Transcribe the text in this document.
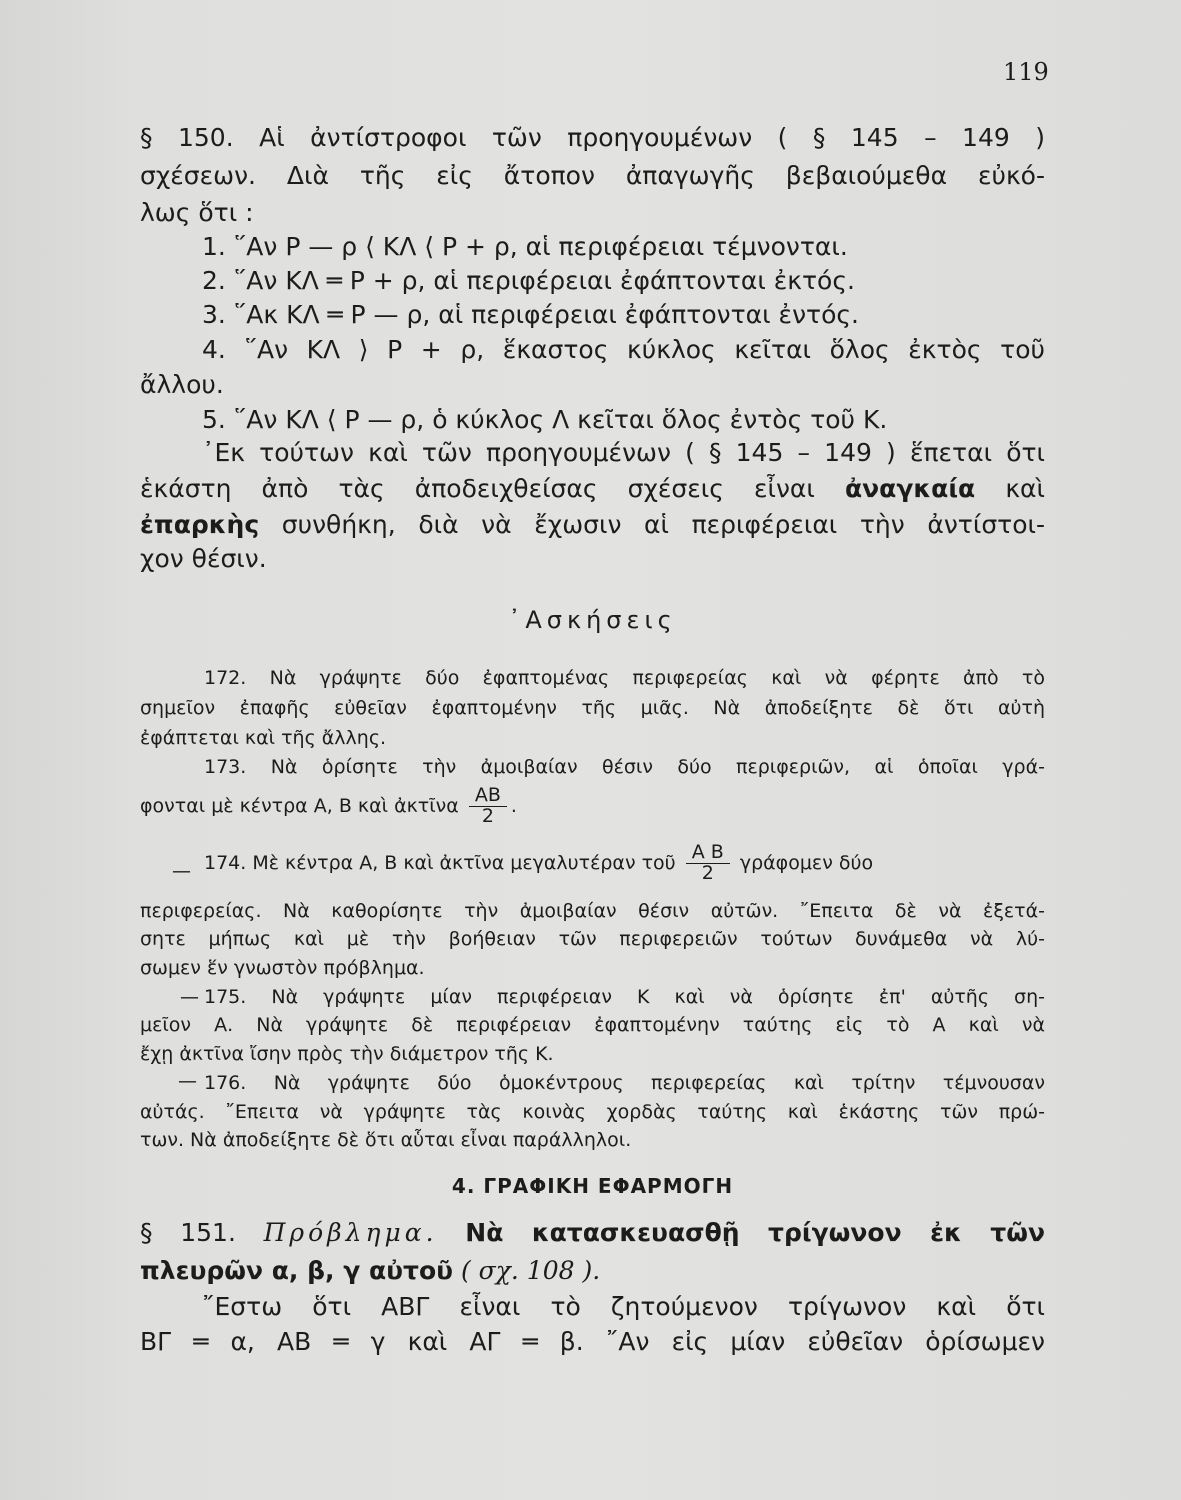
119
§ 150. Αἱ ἀντίστροφοι τῶν προηγουμένων ( § 145 – 149 )
σχέσεων. Διὰ τῆς εἰς ἄτοπον ἀπαγωγῆς βεβαιούμεθα εὐκό-
λως ὅτι :
1. ῞Αν Ρ — ρ ⟨ ΚΛ ⟨ Ρ + ρ, αἱ περιφέρειαι τέμνονται.
2. ῞Αν ΚΛ ═ Ρ + ρ, αἱ περιφέρειαι ἐφάπτονται ἐκτός.
3. ῞Ακ ΚΛ ═ Ρ — ρ, αἱ περιφέρειαι ἐφάπτονται ἐντός.
4. ῞Αν ΚΛ ⟩ Ρ + ρ, ἕκαστος κύκλος κεῖται ὅλος ἐκτὸς τοῦ
ἄλλου.
5. ῞Αν ΚΛ ⟨ Ρ — ρ, ὁ κύκλος Λ κεῖται ὅλος ἐντὸς τοῦ Κ.
᾿Εκ τούτων καὶ τῶν προηγουμένων ( § 145 – 149 ) ἕπεται ὅτι
ἑκάστη ἀπὸ τὰς ἀποδειχθείσας σχέσεις εἶναι ἀναγκαία καὶ
ἐπαρκὴς συνθήκη, διὰ νὰ ἔχωσιν αἱ περιφέρειαι τὴν ἀντίστοι-
χον θέσιν.
᾿Ασκήσεις
172. Νὰ γράψητε δύο ἐφαπτομένας περιφερείας καὶ νὰ φέρητε ἀπὸ τὸ
σημεῖον ἐπαφῆς εὐθεῖαν ἐφαπτομένην τῆς μιᾶς. Νὰ ἀποδείξητε δὲ ὅτι αὐτὴ
ἐφάπτεται καὶ τῆς ἄλλης.
173. Νὰ ὁρίσητε τὴν ἀμοιβαίαν θέσιν δύο περιφεριῶν, αἱ ὁποῖαι γρά-
φονται μὲ κέντρα Α, Β καὶ ἀκτῖνα $\frac{AB}{2}$ .
— 174. Μὲ κέντρα Α, Β καὶ ἀκτῖνα μεγαλυτέραν τοῦ $\frac{\text{Α Β}}{2}$ γράφομεν δύο
περιφερείας. Νὰ καθορίσητε τὴν ἀμοιβαίαν θέσιν αὐτῶν. ῎Επειτα δὲ νὰ ἐξετά-
σητε μήπως καὶ μὲ τὴν βοήθειαν τῶν περιφερειῶν τούτων δυνάμεθα νὰ λύ-
σωμεν ἕν γνωστὸν πρόβλημα.
— 175. Νὰ γράψητε μίαν περιφέρειαν Κ καὶ νὰ ὁρίσητε ἐπ' αὐτῆς ση-
μεῖον Α. Νὰ γράψητε δὲ περιφέρειαν ἐφαπτομένην ταύτης εἰς τὸ Α καὶ νὰ
ἔχῃ ἀκτῖνα ἴσην πρὸς τὴν διάμετρον τῆς Κ.
— 176. Νὰ γράψητε δύο ὁμοκέντρους περιφερείας καὶ τρίτην τέμνουσαν
αὐτάς. ῎Επειτα νὰ γράψητε τὰς κοινὰς χορδὰς ταύτης καὶ ἑκάστης τῶν πρώ-
των. Νὰ ἀποδείξητε δὲ ὅτι αὗται εἶναι παράλληλοι.
4. ΓΡΑΦΙΚΗ ΕΦΑΡΜΟΓΗ
§ 151. Πρόβλημα. Νὰ κατασκευασθῇ τρίγωνον ἐκ τῶν
πλευρῶν α, β, γ αὐτοῦ ( σχ. 108 ).
῎Εστω ὅτι ΑΒΓ εἶναι τὸ ζητούμενον τρίγωνον καὶ ὅτι
ΒΓ ═ α, ΑΒ ═ γ καὶ ΑΓ ═ β. ῎Αν εἰς μίαν εὐθεῖαν ὁρίσωμεν
